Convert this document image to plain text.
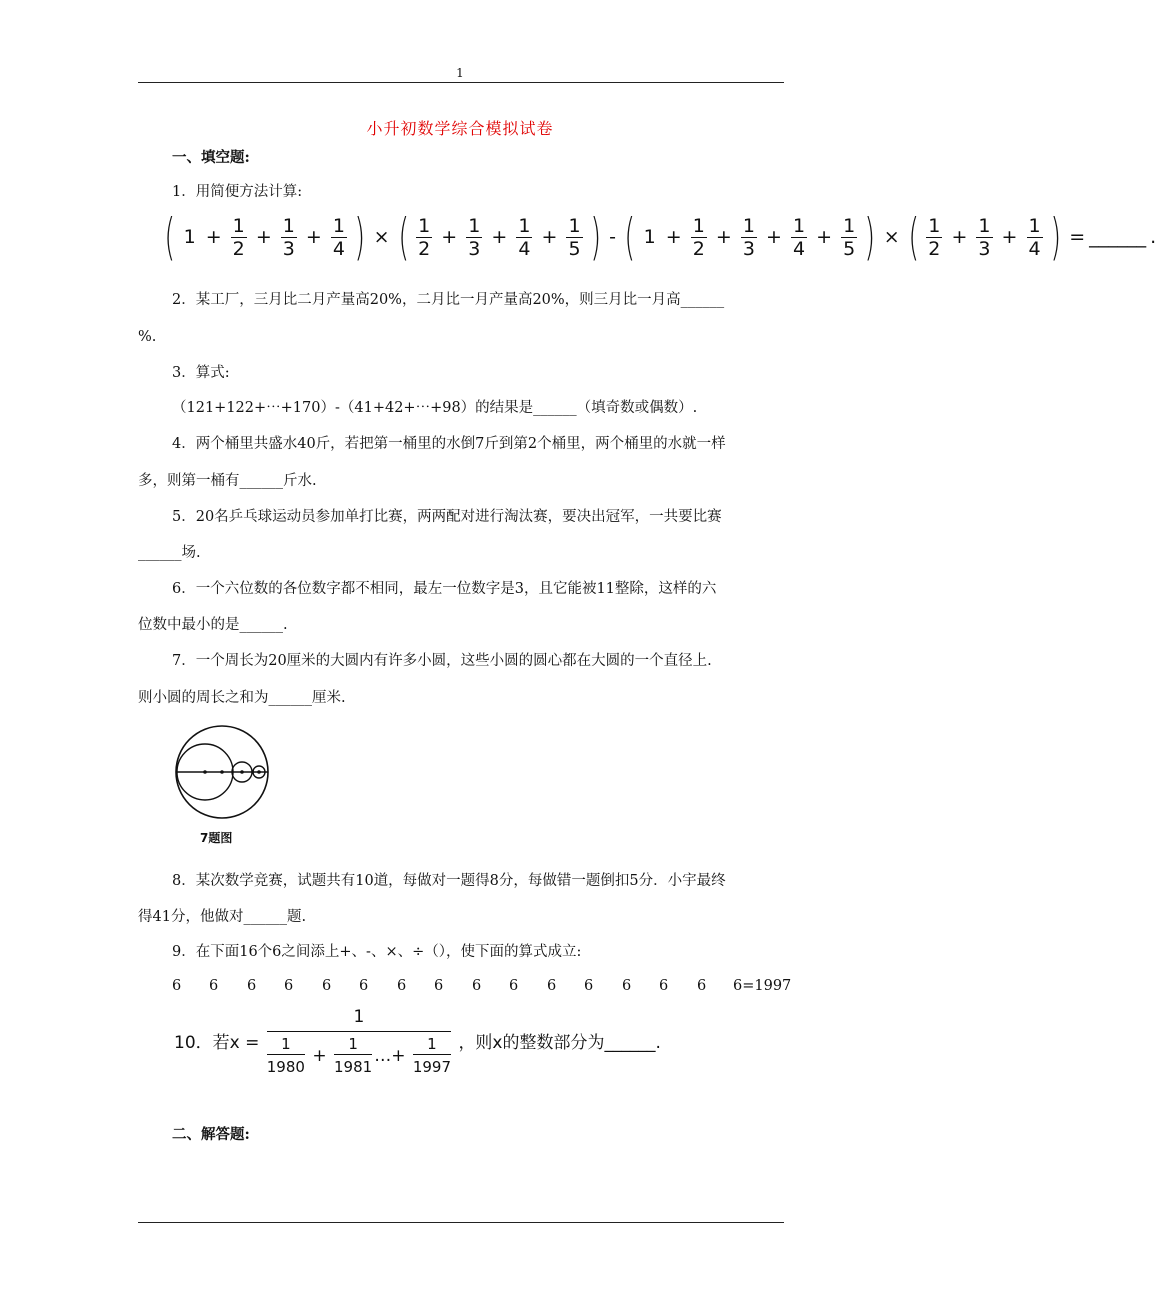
1
小升初数学综合模拟试卷
一、填空题:
1．用简便方法计算:
( $1 + \frac{1}{2} + \frac{1}{3} + \frac{1}{4}$ ) × ( $\frac{1}{2} + \frac{1}{3} + \frac{1}{4} + \frac{1}{5}$ ) - ( $1 + \frac{1}{2} + \frac{1}{3} + \frac{1}{4} + \frac{1}{5}$ ) × ( $\frac{1}{2} + \frac{1}{3} + \frac{1}{4}$ ) = ______ .
2．某工厂，三月比二月产量高20%，二月比一月产量高20%，则三月比一月高______
%.
3．算式:
（121+122+⋯+170）-（41+42+⋯+98）的结果是______（填奇数或偶数）.
4．两个桶里共盛水40斤，若把第一桶里的水倒7斤到第2个桶里，两个桶里的水就一样
多，则第一桶有______斤水.
5．20名乒乓球运动员参加单打比赛，两两配对进行淘汰赛，要决出冠军，一共要比赛
______场.
6．一个六位数的各位数字都不相同，最左一位数字是3，且它能被11整除，这样的六
位数中最小的是______.
7．一个周长为20厘米的大圆内有许多小圆，这些小圆的圆心都在大圆的一个直径上.
则小圆的周长之和为______厘米.
7题图
8．某次数学竞赛，试题共有10道，每做对一题得8分，每做错一题倒扣5分．小宇最终
得41分，他做对______题.
9．在下面16个6之间添上+、-、×、÷（），使下面的算式成立:
6 6 6 6 6 6 6 6 6 6 6 6 6 6 6 6=1997
10．若$x = \frac{1}{\frac{1}{1980} + \frac{1}{1981} \dots+ \frac{1}{1997}}$ ，则x的整数部分为______.
二、解答题:
